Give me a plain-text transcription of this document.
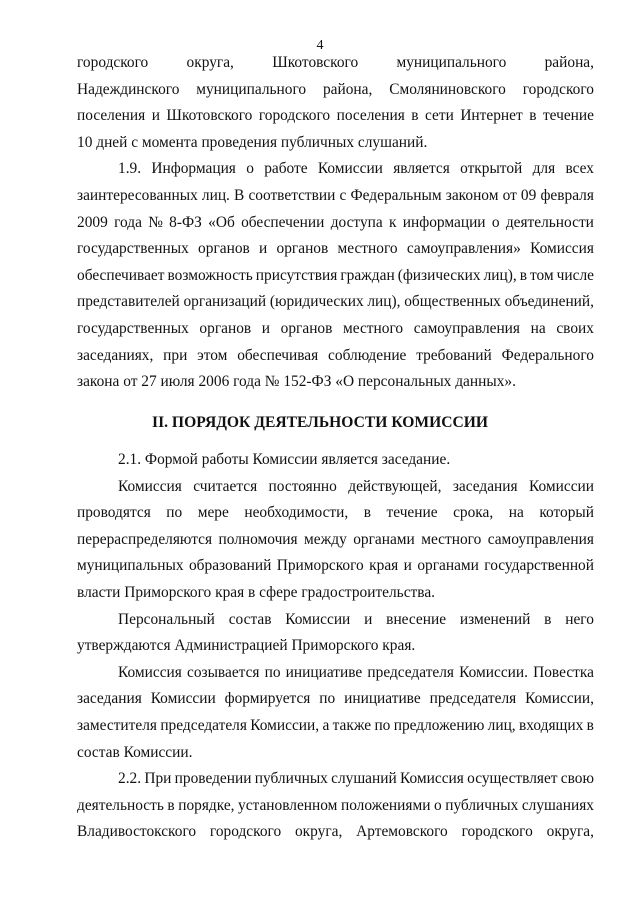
4
городского округа, Шкотовского муниципального района,
Надеждинского муниципального района, Смоляниновского городского
поселения и Шкотовского городского поселения в сети Интернет в течение
10 дней с момента проведения публичных слушаний.
1.9. Информация о работе Комиссии является открытой для всех
заинтересованных лиц. В соответствии с Федеральным законом от 09 февраля
2009 года № 8-ФЗ «Об обеспечении доступа к информации о деятельности
государственных органов и органов местного самоуправления» Комиссия
обеспечивает возможность присутствия граждан (физических лиц), в том числе
представителей организаций (юридических лиц), общественных объединений,
государственных органов и органов местного самоуправления на своих
заседаниях, при этом обеспечивая соблюдение требований Федерального
закона от 27 июля 2006 года № 152-ФЗ «О персональных данных».
II. ПОРЯДОК ДЕЯТЕЛЬНОСТИ КОМИССИИ
2.1. Формой работы Комиссии является заседание.
Комиссия считается постоянно действующей, заседания Комиссии
проводятся по мере необходимости, в течение срока, на который
перераспределяются полномочия между органами местного самоуправления
муниципальных образований Приморского края и органами государственной
власти Приморского края в сфере градостроительства.
Персональный состав Комиссии и внесение изменений в него
утверждаются Администрацией Приморского края.
Комиссия созывается по инициативе председателя Комиссии. Повестка
заседания Комиссии формируется по инициативе председателя Комиссии,
заместителя председателя Комиссии, а также по предложению лиц, входящих в
состав Комиссии.
2.2. При проведении публичных слушаний Комиссия осуществляет свою
деятельность в порядке, установленном положениями о публичных слушаниях
Владивостокского городского округа, Артемовского городского округа,
